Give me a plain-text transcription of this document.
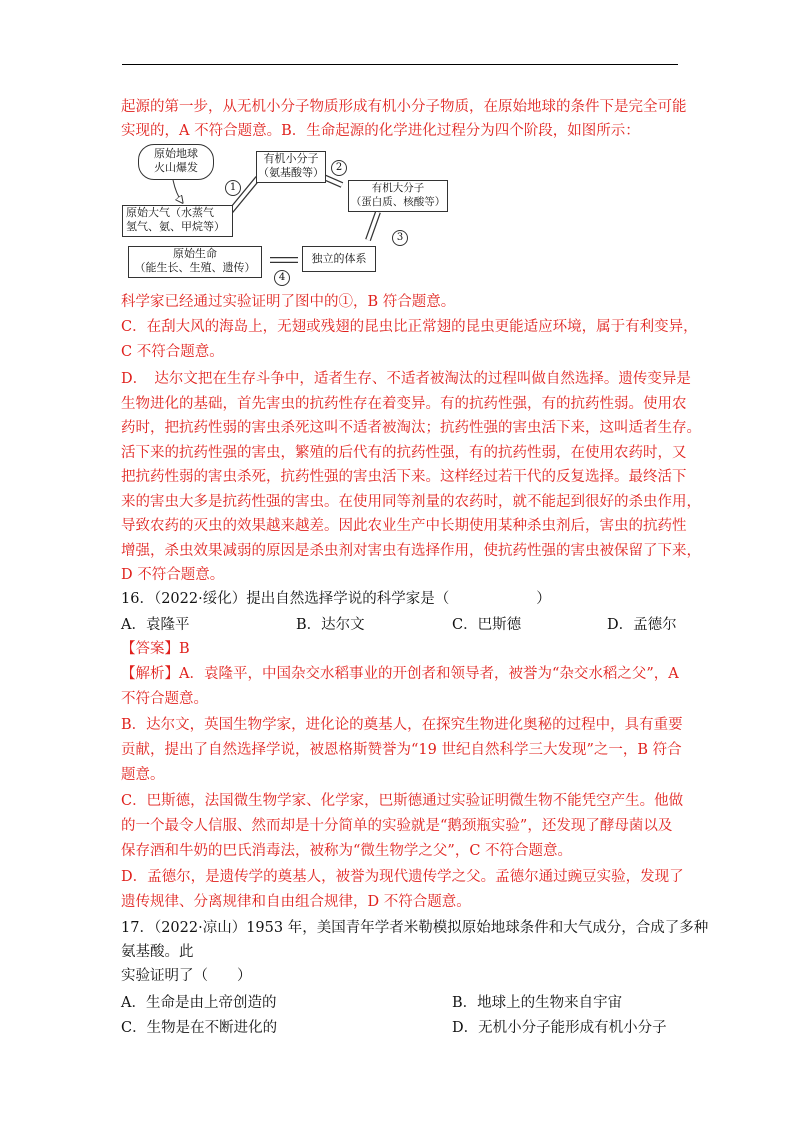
起源的第一步，从无机小分子物质形成有机小分子物质，在原始地球的条件下是完全可能
实现的，A 不符合题意。B．生命起源的化学进化过程分为四个阶段，如图所示：
原始地球
火山爆发
有机小分子
（氨基酸等）
有机大分子
（蛋白质、核酸等）
原始大气（水蒸气
氢气、氨、甲烷等）
独立的体系
原始生命
（能生长、生殖、遗传）
1
2
3
4
科学家已经通过实验证明了图中的①，B 符合题意。
C．在刮大风的海岛上，无翅或残翅的昆虫比正常翅的昆虫更能适应环境，属于有利变异，
C 不符合题意。
D．　达尔文把在生存斗争中，适者生存、不适者被淘汰的过程叫做自然选择。遗传变异是
生物进化的基础，首先害虫的抗药性存在着变异。有的抗药性强，有的抗药性弱。使用农
药时，把抗药性弱的害虫杀死这叫不适者被淘汰；抗药性强的害虫活下来，这叫适者生存。
活下来的抗药性强的害虫，繁殖的后代有的抗药性强，有的抗药性弱，在使用农药时，又
把抗药性弱的害虫杀死，抗药性强的害虫活下来。这样经过若干代的反复选择。最终活下
来的害虫大多是抗药性强的害虫。在使用同等剂量的农药时，就不能起到很好的杀虫作用，
导致农药的灭虫的效果越来越差。因此农业生产中长期使用某种杀虫剂后，害虫的抗药性
增强，杀虫效果减弱的原因是杀虫剂对害虫有选择作用，使抗药性强的害虫被保留了下来，
D 不符合题意。
16．（2022·绥化）提出自然选择学说的科学家是（　　　　　　）
A．袁隆平	B．达尔文	C．巴斯德	D．孟德尔
【答案】B
【解析】A．袁隆平，中国杂交水稻事业的开创者和领导者，被誉为“杂交水稻之父”，A
不符合题意。
B．达尔文，英国生物学家，进化论的奠基人，在探究生物进化奥秘的过程中，具有重要
贡献，提出了自然选择学说，被恩格斯赞誉为“19 世纪自然科学三大发现”之一，B 符合
题意。
C．巴斯德，法国微生物学家、化学家，巴斯德通过实验证明微生物不能凭空产生。他做
的一个最令人信服、然而却是十分简单的实验就是“鹅颈瓶实验”，还发现了酵母菌以及
保存酒和牛奶的巴氏消毒法，被称为“微生物学之父”，C 不符合题意。
D．孟德尔，是遗传学的奠基人，被誉为现代遗传学之父。孟德尔通过豌豆实验，发现了
遗传规律、分离规律和自由组合规律，D 不符合题意。
17．（2022·凉山）1953 年，美国青年学者米勒模拟原始地球条件和大气成分，合成了多种
氨基酸。此
实验证明了（　　）
A．生命是由上帝创造的	B．地球上的生物来自宇宙
C．生物是在不断进化的	D．无机小分子能形成有机小分子
